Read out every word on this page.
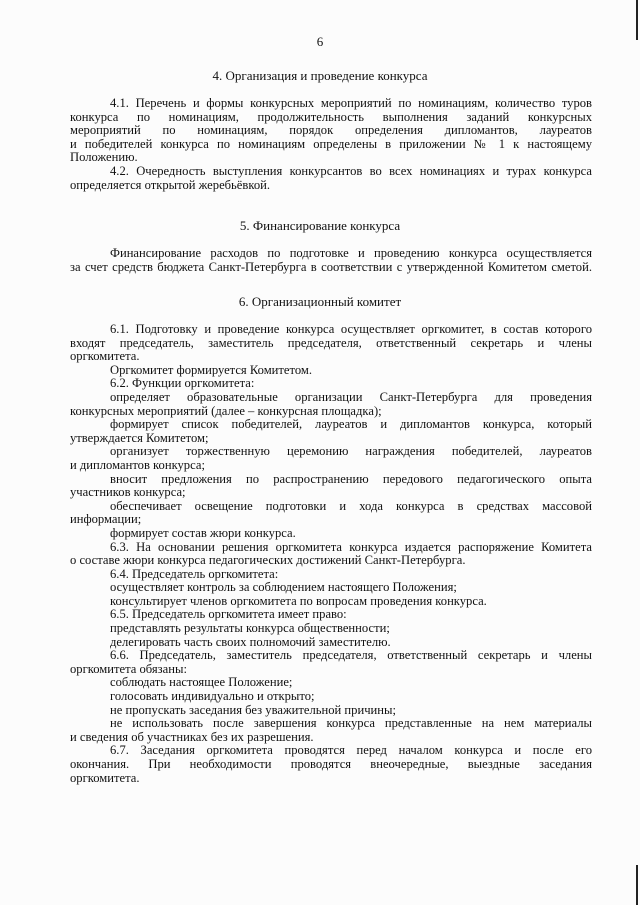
6
4. Организация и проведение конкурса

4.1. Перечень и формы конкурсных мероприятий по номинациям, количество туров

конкурса по номинациям, продолжительность выполнения заданий конкурсных

мероприятий по номинациям, порядок определения дипломантов, лауреатов

и победителей конкурса по номинациям определены в приложении № 1 к настоящему

Положению.

4.2. Очередность выступления конкурсантов во всех номинациях и турах конкурса

определяется открытой жеребьёвкой.

5. Финансирование конкурса

Финансирование расходов по подготовке и проведению конкурса осуществляется

за счет средств бюджета Санкт-Петербурга в соответствии с утвержденной Комитетом сметой.

6. Организационный комитет

6.1. Подготовку и проведение конкурса осуществляет оргкомитет, в состав которого

входят председатель, заместитель председателя, ответственный секретарь и члены

оргкомитета.

Оргкомитет формируется Комитетом.

6.2. Функции оргкомитета:

определяет образовательные организации Санкт-Петербурга для проведения

конкурсных мероприятий (далее – конкурсная площадка);

формирует список победителей, лауреатов и дипломантов конкурса, который

утверждается Комитетом;

организует торжественную церемонию награждения победителей, лауреатов

и дипломантов конкурса;

вносит предложения по распространению передового педагогического опыта

участников конкурса;

обеспечивает освещение подготовки и хода конкурса в средствах массовой

информации;

формирует состав жюри конкурса.

6.3. На основании решения оргкомитета конкурса издается распоряжение Комитета

о составе жюри конкурса педагогических достижений Санкт-Петербурга.

6.4. Председатель оргкомитета:

осуществляет контроль за соблюдением настоящего Положения;

консультирует членов оргкомитета по вопросам проведения конкурса.

6.5. Председатель оргкомитета имеет право:

представлять результаты конкурса общественности;

делегировать часть своих полномочий заместителю.

6.6. Председатель, заместитель председателя, ответственный секретарь и члены

оргкомитета обязаны:

соблюдать настоящее Положение;

голосовать индивидуально и открыто;

не пропускать заседания без уважительной причины;

не использовать после завершения конкурса представленные на нем материалы

и сведения об участниках без их разрешения.

6.7. Заседания оргкомитета проводятся перед началом конкурса и после его

окончания. При необходимости проводятся внеочередные, выездные заседания

оргкомитета.
